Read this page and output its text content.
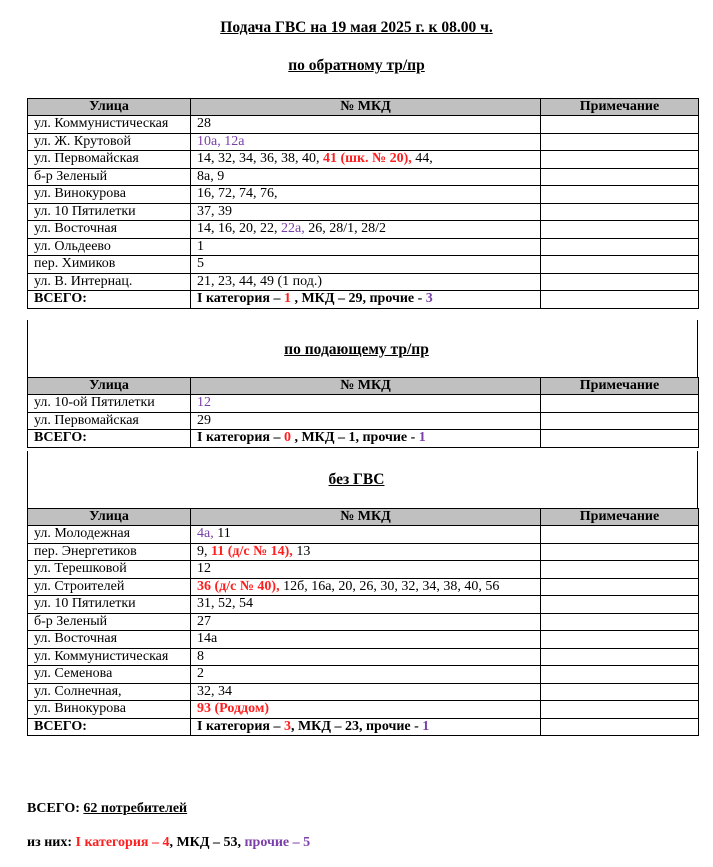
Подача ГВС на 19 мая 2025 г. к 08.00 ч.
по обратному тр/пр
Улица	№ МКД	Примечание
ул. Коммунистическая	28	
ул. Ж. Крутовой	10а, 12а	
ул. Первомайская	14, 32, 34, 36, 38, 40, 41 (шк. № 20), 44,	
б-р Зеленый	8а, 9	
ул. Винокурова	16, 72, 74, 76,	
ул. 10 Пятилетки	37, 39	
ул. Восточная	14, 16, 20, 22, 22а, 26, 28/1, 28/2	
ул. Ольдеево	1	
пер. Химиков	5	
ул. В. Интернац.	21, 23, 44, 49 (1 под.)	
ВСЕГО:	I категория – 1 , МКД – 29, прочие - 3	
по подающему тр/пр
Улица	№ МКД	Примечание
ул. 10-ой Пятилетки	12	
ул. Первомайская	29	
ВСЕГО:	I категория – 0 , МКД – 1, прочие - 1	
без ГВС
Улица	№ МКД	Примечание
ул. Молодежная	4а, 11	
пер. Энергетиков	9, 11 (д/с № 14), 13	
ул. Терешковой	12	
ул. Строителей	36 (д/с № 40), 12б, 16а, 20, 26, 30, 32, 34, 38, 40, 56	
ул. 10 Пятилетки	31, 52, 54	
б-р Зеленый	27	
ул. Восточная	14а	
ул. Коммунистическая	8	
ул. Семенова	2	
ул. Солнечная,	32, 34	
ул. Винокурова	93 (Роддом)	
ВСЕГО:	I категория – 3, МКД – 23, прочие - 1	
ВСЕГО: 62 потребителей
из них: I категория – 4, МКД – 53, прочие – 5
